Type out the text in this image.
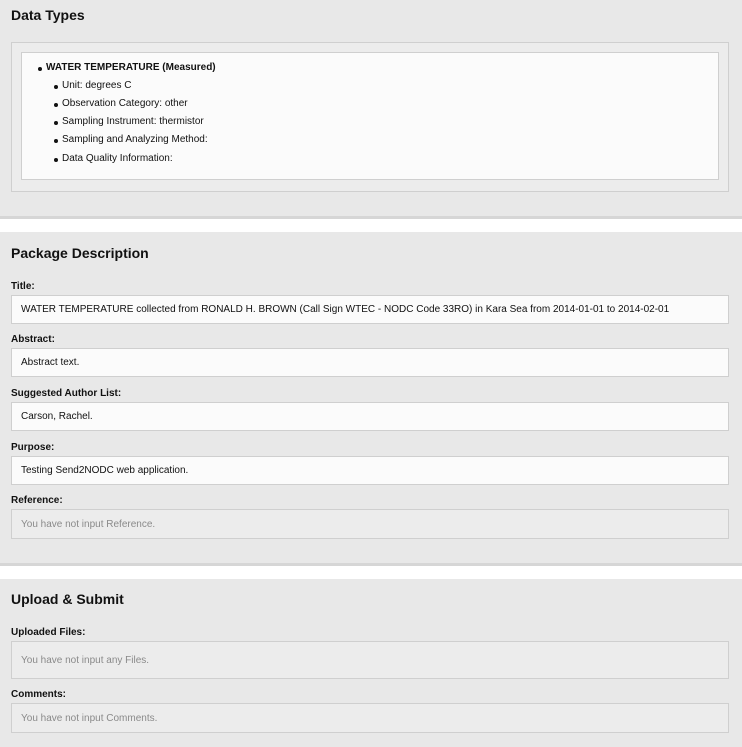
Data Types
WATER TEMPERATURE (Measured)
Unit: degrees C
Observation Category: other
Sampling Instrument: thermistor
Sampling and Analyzing Method:
Data Quality Information:
Package Description
Title:
WATER TEMPERATURE collected from RONALD H. BROWN (Call Sign WTEC - NODC Code 33RO) in Kara Sea from 2014-01-01 to 2014-02-01
Abstract:
Abstract text.
Suggested Author List:
Carson, Rachel.
Purpose:
Testing Send2NODC web application.
Reference:
You have not input Reference.
Upload & Submit
Uploaded Files:
You have not input any Files.
Comments:
You have not input Comments.
